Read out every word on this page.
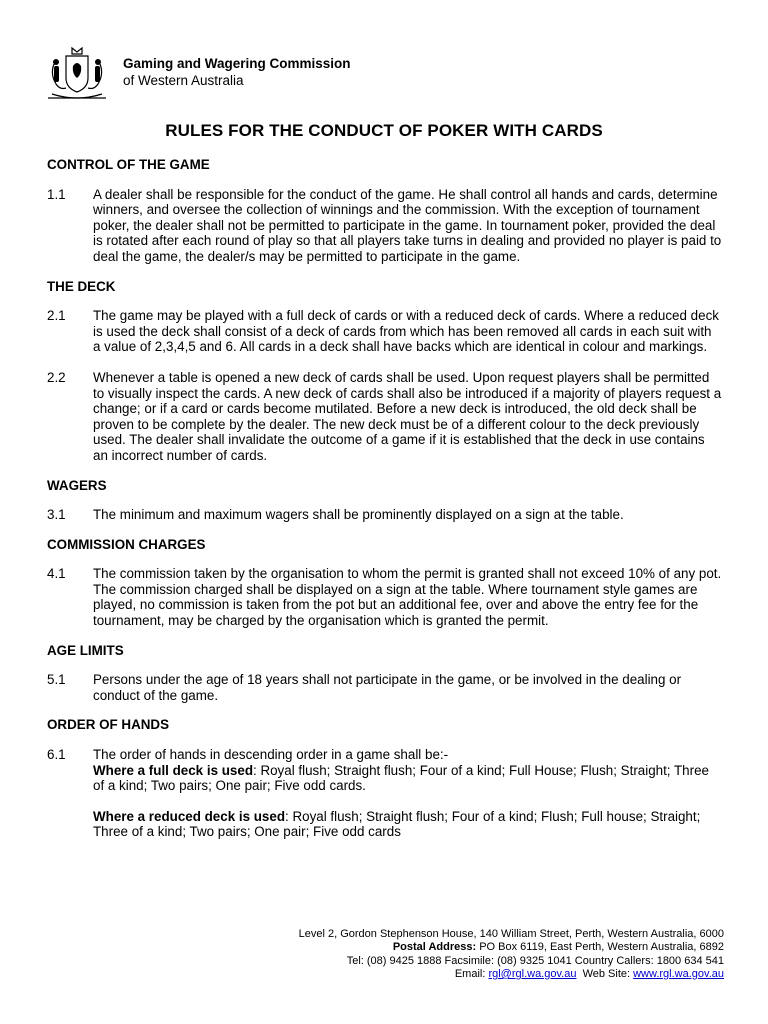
Gaming and Wagering Commission
of Western Australia
RULES FOR THE CONDUCT OF POKER WITH CARDS

CONTROL OF THE GAME

1.1	A dealer shall be responsible for the conduct of the game. He shall control all hands and cards, determine winners, and oversee the collection of winnings and the commission. With the exception of tournament poker, the dealer shall not be permitted to participate in the game. In tournament poker, provided the deal is rotated after each round of play so that all players take turns in dealing and provided no player is paid to deal the game, the dealer/s may be permitted to participate in the game.

THE DECK

2.1	The game may be played with a full deck of cards or with a reduced deck of cards. Where a reduced deck is used the deck shall consist of a deck of cards from which has been removed all cards in each suit with a value of 2,3,4,5 and 6. All cards in a deck shall have backs which are identical in colour and markings.
2.2	Whenever a table is opened a new deck of cards shall be used. Upon request players shall be permitted to visually inspect the cards. A new deck of cards shall also be introduced if a majority of players request a change; or if a card or cards become mutilated. Before a new deck is introduced, the old deck shall be proven to be complete by the dealer. The new deck must be of a different colour to the deck previously used. The dealer shall invalidate the outcome of a game if it is established that the deck in use contains an incorrect number of cards.

WAGERS

3.1	The minimum and maximum wagers shall be prominently displayed on a sign at the table.

COMMISSION CHARGES

4.1	The commission taken by the organisation to whom the permit is granted shall not exceed 10% of any pot. The commission charged shall be displayed on a sign at the table. Where tournament style games are played, no commission is taken from the pot but an additional fee, over and above the entry fee for the tournament, may be charged by the organisation which is granted the permit.

AGE LIMITS

5.1	Persons under the age of 18 years shall not participate in the game, or be involved in the dealing or conduct of the game.

ORDER OF HANDS

6.1	The order of hands in descending order in a game shall be:-
Where a full deck is used: Royal flush; Straight flush; Four of a kind; Full House; Flush; Straight; Three of a kind; Two pairs; One pair; Five odd cards.
Where a reduced deck is used: Royal flush; Straight flush; Four of a kind; Flush; Full house; Straight; Three of a kind; Two pairs; One pair; Five odd cards
Level 2, Gordon Stephenson House, 140 William Street, Perth, Western Australia, 6000
Postal Address: PO Box 6119, East Perth, Western Australia, 6892
Tel: (08) 9425 1888 Facsimile: (08) 9325 1041 Country Callers: 1800 634 541
Email: rgl@rgl.wa.gov.au  Web Site: www.rgl.wa.gov.au
